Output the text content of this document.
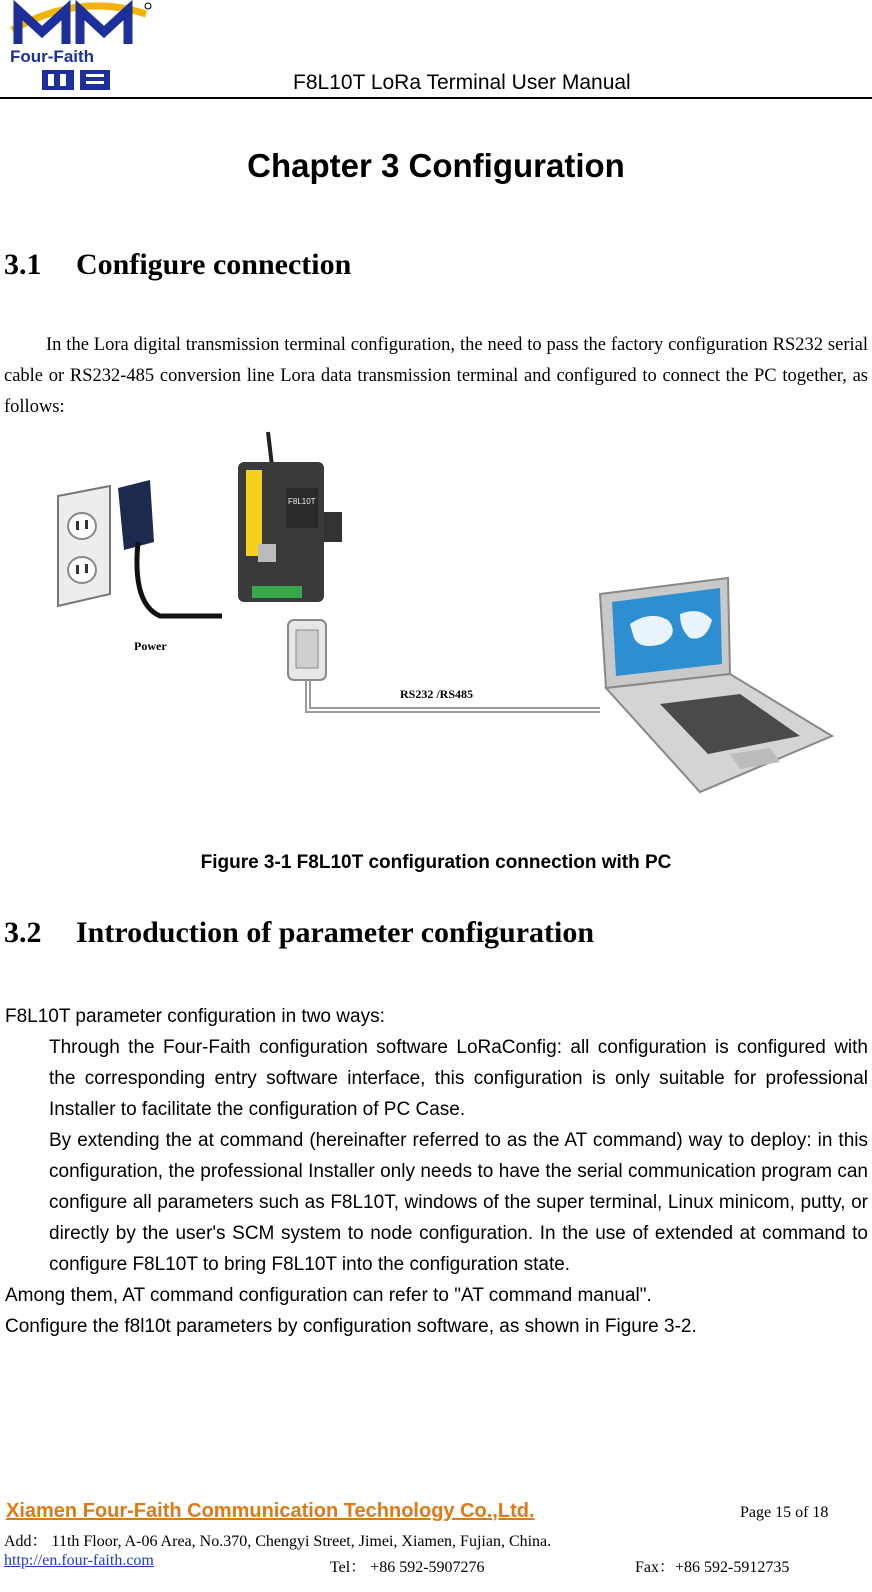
Four-Faith
F8L10T LoRa Terminal User Manual
Chapter 3 Configuration
3.1 Configure connection
In the Lora digital transmission terminal configuration, the need to pass the factory configuration RS232 serial cable or RS232-485 conversion line Lora data transmission terminal and configured to connect the PC together, as follows:
Power
F8L10T
RS232 /RS485
Figure 3-1 F8L10T configuration connection with PC
3.2 Introduction of parameter configuration

F8L10T parameter configuration in two ways:

Through the Four-Faith configuration software LoRaConfig: all configuration is configured with the corresponding entry software interface, this configuration is only suitable for professional Installer to facilitate the configuration of PC Case.

By extending the at command (hereinafter referred to as the AT command) way to deploy: in this configuration, the professional Installer only needs to have the serial communication program can configure all parameters such as F8L10T, windows of the super terminal, Linux minicom, putty, or directly by the user's SCM system to node configuration. In the use of extended at command to configure F8L10T to bring F8L10T into the configuration state.

Among them, AT command configuration can refer to "AT command manual".

Configure the f8l10t parameters by configuration software, as shown in Figure 3-2.

Xiamen Four-Faith Communication Technology Co.,Ltd.	Page 15 of 18
Add： 11th Floor, A-06 Area, No.370, Chengyi Street, Jimei, Xiamen, Fujian, China.
http://en.four-faith.com	Tel： +86 592-5907276	Fax：+86 592-5912735
